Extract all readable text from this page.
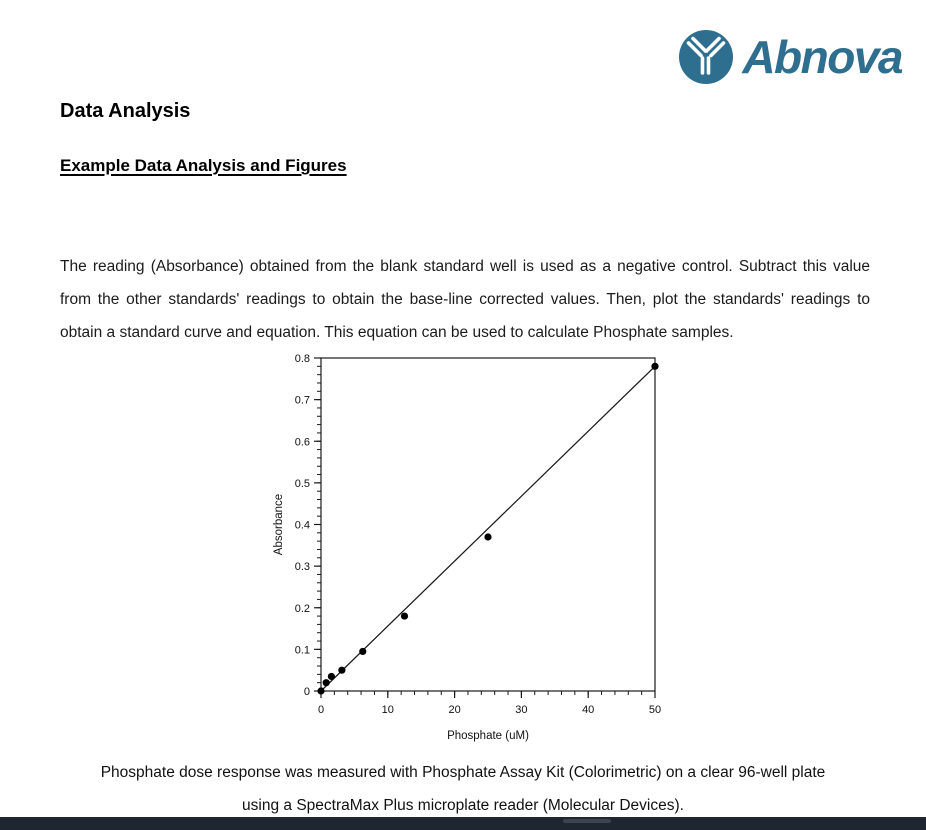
Abnova
Data Analysis
Example Data Analysis and Figures

The reading (Absorbance) obtained from the blank standard well is used as a negative control. Subtract this value from the other standards' readings to obtain the base-line corrected values. Then, plot the standards' readings to obtain a standard curve and equation. This equation can be used to calculate Phosphate samples.

0	10	20	30	40	50
0
0.1
0.2
0.3
0.4
0.5
0.6
0.7
0.8
Phosphate (uM)
Absorbance
Phosphate dose response was measured with Phosphate Assay Kit (Colorimetric) on a clear 96-well plate
using a SpectraMax Plus microplate reader (Molecular Devices).
